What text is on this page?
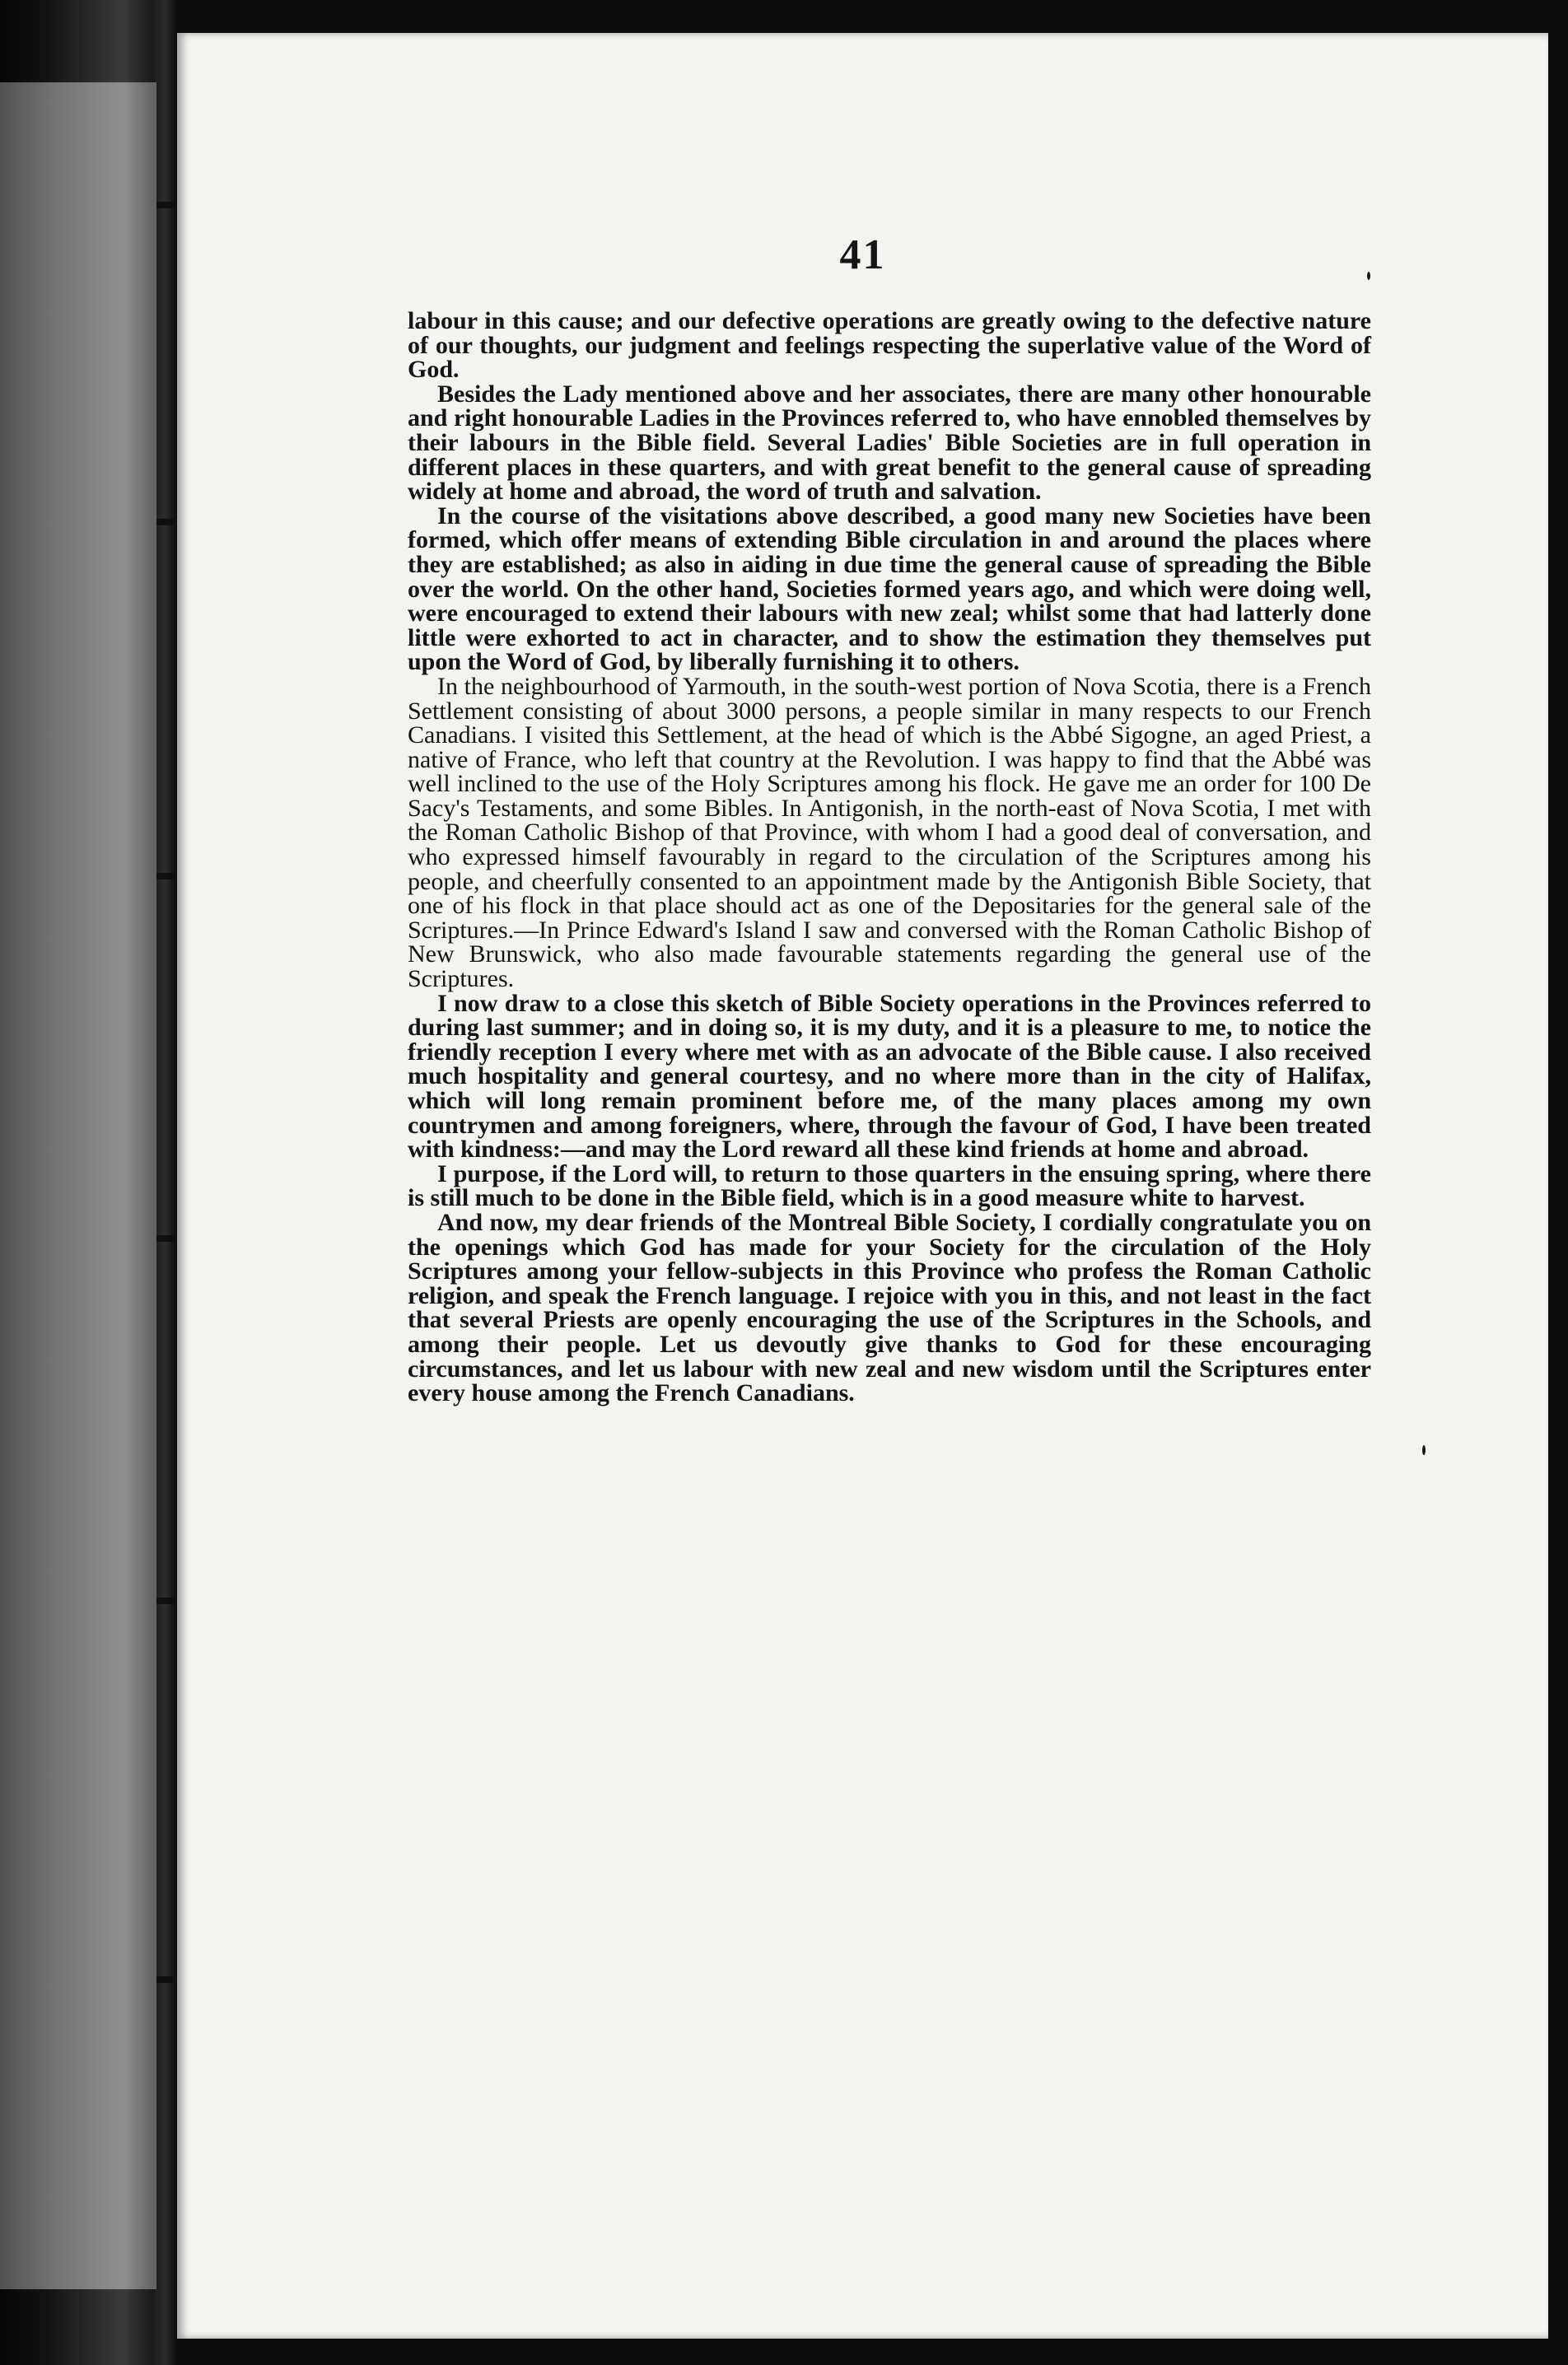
41

labour in this cause; and our defective operations are greatly owing to the defective nature of our thoughts, our judgment and feelings respecting the superlative value of the Word of God.

Besides the Lady mentioned above and her associates, there are many other honourable and right honourable Ladies in the Provinces referred to, who have ennobled themselves by their labours in the Bible field. Several Ladies' Bible Societies are in full operation in different places in these quarters, and with great benefit to the general cause of spreading widely at home and abroad, the word of truth and salvation.

In the course of the visitations above described, a good many new Societies have been formed, which offer means of extending Bible circulation in and around the places where they are established; as also in aiding in due time the general cause of spreading the Bible over the world. On the other hand, Societies formed years ago, and which were doing well, were encouraged to extend their labours with new zeal; whilst some that had latterly done little were exhorted to act in character, and to show the estimation they themselves put upon the Word of God, by liberally furnishing it to others.

In the neighbourhood of Yarmouth, in the south-west portion of Nova Scotia, there is a French Settlement consisting of about 3000 persons, a people similar in many respects to our French Canadians. I visited this Settlement, at the head of which is the Abbé Sigogne, an aged Priest, a native of France, who left that country at the Revolution. I was happy to find that the Abbé was well inclined to the use of the Holy Scriptures among his flock. He gave me an order for 100 De Sacy's Testaments, and some Bibles. In Antigonish, in the north-east of Nova Scotia, I met with the Roman Catholic Bishop of that Province, with whom I had a good deal of conversation, and who expressed himself favourably in regard to the circulation of the Scriptures among his people, and cheerfully consented to an appointment made by the Antigonish Bible Society, that one of his flock in that place should act as one of the Depositaries for the general sale of the Scriptures.—In Prince Edward's Island I saw and conversed with the Roman Catholic Bishop of New Brunswick, who also made favourable statements regarding the general use of the Scriptures.

I now draw to a close this sketch of Bible Society operations in the Provinces referred to during last summer; and in doing so, it is my duty, and it is a pleasure to me, to notice the friendly reception I every where met with as an advocate of the Bible cause. I also received much hospitality and general courtesy, and no where more than in the city of Halifax, which will long remain prominent before me, of the many places among my own countrymen and among foreigners, where, through the favour of God, I have been treated with kindness:—and may the Lord reward all these kind friends at home and abroad.

I purpose, if the Lord will, to return to those quarters in the ensuing spring, where there is still much to be done in the Bible field, which is in a good measure white to harvest.

And now, my dear friends of the Montreal Bible Society, I cordially congratulate you on the openings which God has made for your Society for the circulation of the Holy Scriptures among your fellow-subjects in this Province who profess the Roman Catholic religion, and speak the French language. I rejoice with you in this, and not least in the fact that several Priests are openly encouraging the use of the Scriptures in the Schools, and among their people. Let us devoutly give thanks to God for these encouraging circumstances, and let us labour with new zeal and new wisdom until the Scriptures enter every house among the French Canadians.
